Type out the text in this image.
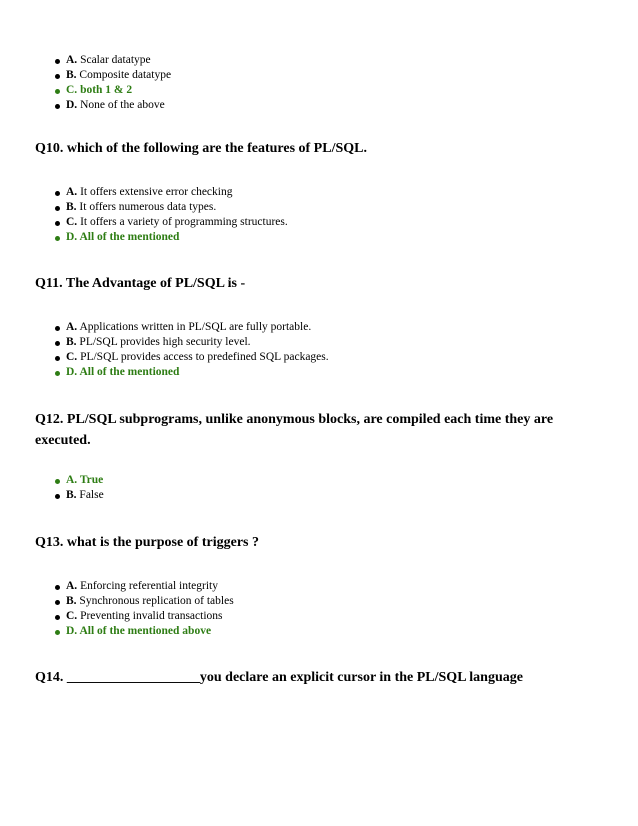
A. Scalar datatype
B. Composite datatype
C. both 1 & 2
D. None of the above

Q10. which of the following are the features of PL/SQL.

A. It offers extensive error checking
B. It offers numerous data types.
C. It offers a variety of programming structures.
D. All of the mentioned

Q11. The Advantage of PL/SQL is -

A. Applications written in PL/SQL are fully portable.
B. PL/SQL provides high security level.
C. PL/SQL provides access to predefined SQL packages.
D. All of the mentioned

Q12. PL/SQL subprograms, unlike anonymous blocks, are compiled each time they are executed.

A. True
B. False

Q13. what is the purpose of triggers ?

A. Enforcing referential integrity
B. Synchronous replication of tables
C. Preventing invalid transactions
D. All of the mentioned above

Q14. ___________________you declare an explicit cursor in the PL/SQL language
